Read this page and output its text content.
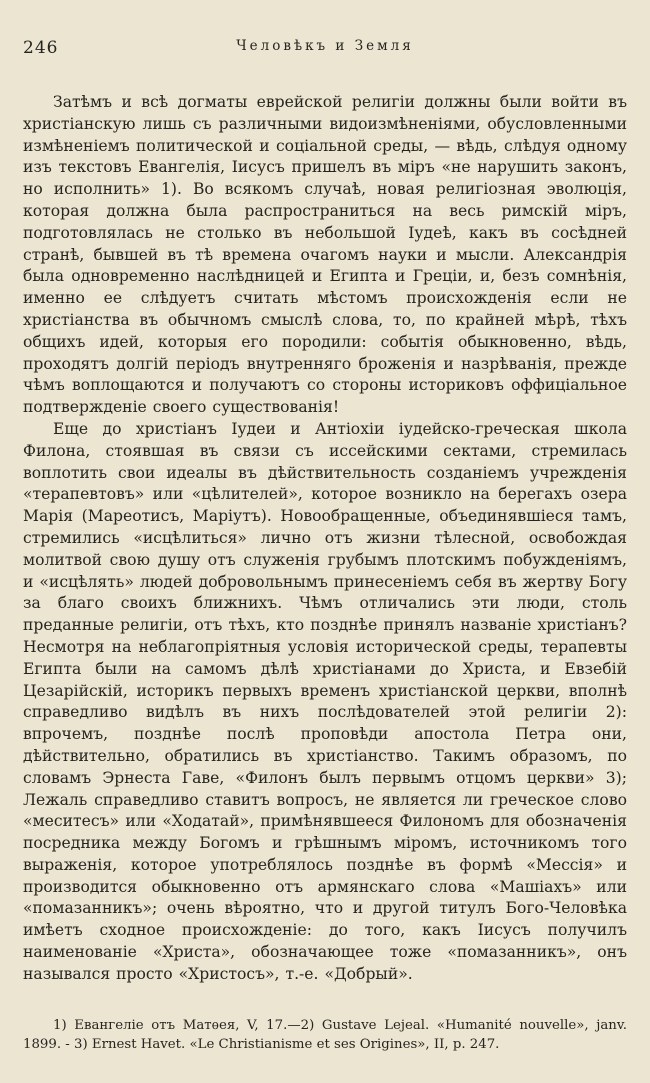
246	Человѣкъ и Земля

Затѣмъ и всѣ догматы еврейской религіи должны были войти въ христіанскую лишь съ различными видоизмѣненіями, обусловленными измѣненіемъ политической и соціальной среды, — вѣдь, слѣдуя одному изъ текстовъ Евангелія, Іисусъ пришелъ въ міръ «не нарушить законъ, но исполнить» 1). Во всякомъ случаѣ, новая религіозная эволюція, которая должна была распространиться на весь римскій міръ, подготовлялась не столько въ небольшой Іудеѣ, какъ въ сосѣдней странѣ, бывшей въ тѣ времена очагомъ науки и мысли. Александрія была одновременно наслѣдницей и Египта и Греціи, и, безъ сомнѣнія, именно ее слѣдуетъ считать мѣстомъ происхожденія если не христіанства въ обычномъ смыслѣ слова, то, по крайней мѣрѣ, тѣхъ общихъ идей, которыя его породили: событія обыкновенно, вѣдь, проходятъ долгій періодъ внутренняго броженія и назрѣванія, прежде чѣмъ воплощаются и получаютъ со стороны историковъ оффиціальное подтвержденіе своего существованія!

Еще до христіанъ Іудеи и Антіохіи іудейско-греческая школа Филона, стоявшая въ связи съ иссейскими сектами, стремилась воплотить свои идеалы въ дѣйствительность созданіемъ учрежденія «терапевтовъ» или «цѣлителей», которое возникло на берегахъ озера Марія (Мареотисъ, Маріутъ). Новообращенные, объединявшіеся тамъ, стремились «исцѣлиться» лично отъ жизни тѣлесной, освобождая молитвой свою душу отъ служенія грубымъ плотскимъ побужденіямъ, и «исцѣлять» людей добровольнымъ принесеніемъ себя въ жертву Богу за благо своихъ ближнихъ. Чѣмъ отличались эти люди, столь преданные религіи, отъ тѣхъ, кто позднѣе принялъ названіе христіанъ? Несмотря на неблагопріятныя условія исторической среды, терапевты Египта были на самомъ дѣлѣ христіанами до Христа, и Евзебій Цезарійскій, историкъ первыхъ временъ христіанской церкви, вполнѣ справедливо видѣлъ въ нихъ послѣдователей этой религіи 2): впрочемъ, позднѣе послѣ проповѣди апостола Петра они, дѣйствительно, обратились въ христіанство. Такимъ образомъ, по словамъ Эрнеста Гаве, «Филонъ былъ первымъ отцомъ церкви» 3); Лежаль справедливо ставитъ вопросъ, не является ли греческое слово «меситесъ» или «Ходатай», примѣнявшееся Филономъ для обозначенія посредника между Богомъ и грѣшнымъ міромъ, источникомъ того выраженія, которое употреблялось позднѣе въ формѣ «Мессія» и производится обыкновенно отъ армянскаго слова «Машіахъ» или «помазанникъ»; очень вѣроятно, что и другой титулъ Бого-Человѣка имѣетъ сходное происхожденіе: до того, какъ Іисусъ получилъ наименованіе «Христа», обозначающее тоже «помазанникъ», онъ назывался просто «Христосъ», т.-е. «Добрый».

1) Евангеліе отъ Матѳея, V, 17.—2) Gustave Lejeal. «Humanité nouvelle», janv. 1899. - 3) Ernest Havet. «Le Christianisme et ses Origines», II, p. 247.
